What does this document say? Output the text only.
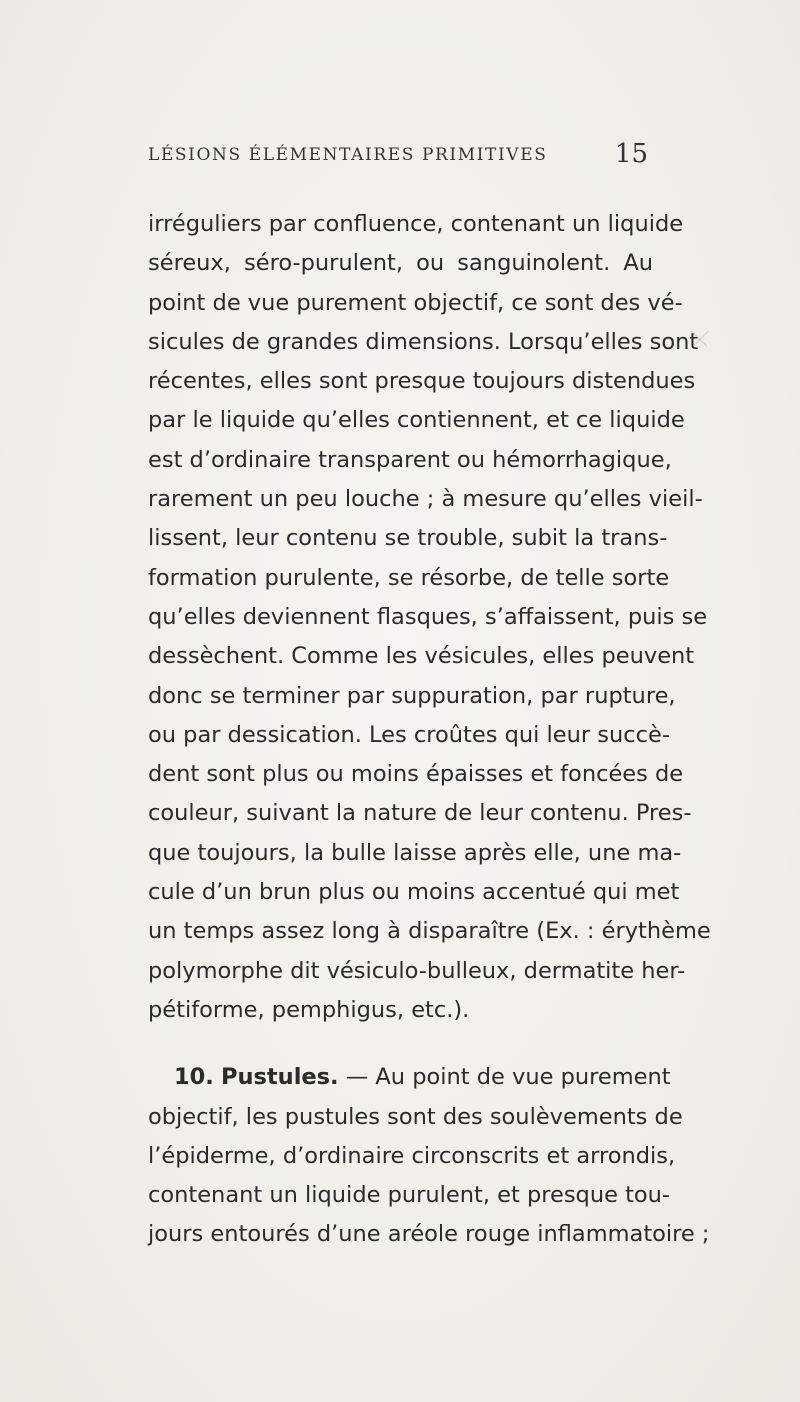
LÉSIONS ÉLÉMENTAIRES PRIMITIVES	15
irréguliers par confluence, contenant un liquide
séreux, séro-purulent, ou sanguinolent. Au
point de vue purement objectif, ce sont des vé-
sicules de grandes dimensions. Lorsqu’elles sont
récentes, elles sont presque toujours distendues
par le liquide qu’elles contiennent, et ce liquide
est d’ordinaire transparent ou hémorrhagique,
rarement un peu louche ; à mesure qu’elles vieil-
lissent, leur contenu se trouble, subit la trans-
formation purulente, se résorbe, de telle sorte
qu’elles deviennent flasques, s’affaissent, puis se
dessèchent. Comme les vésicules, elles peuvent
donc se terminer par suppuration, par rupture,
ou par dessication. Les croûtes qui leur succè-
dent sont plus ou moins épaisses et foncées de
couleur, suivant la nature de leur contenu. Pres-
que toujours, la bulle laisse après elle, une ma-
cule d’un brun plus ou moins accentué qui met
un temps assez long à disparaître (Ex. : érythème
polymorphe dit vésiculo-bulleux, dermatite her-
pétiforme, pemphigus, etc.).
10. Pustules. — Au point de vue purement
objectif, les pustules sont des soulèvements de
l’épiderme, d’ordinaire circonscrits et arrondis,
contenant un liquide purulent, et presque tou-
jours entourés d’une aréole rouge inflammatoire ;
